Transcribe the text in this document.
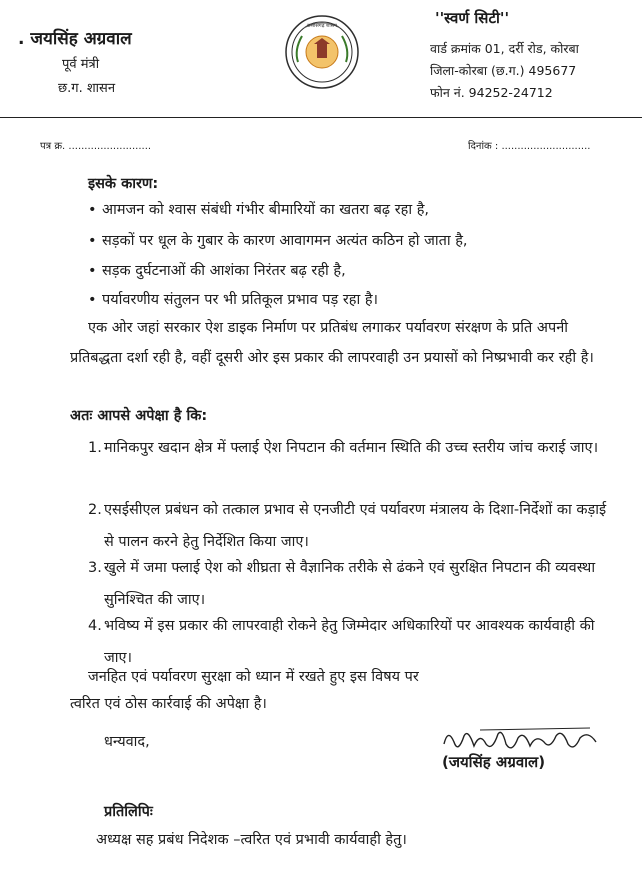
. जयसिंह अग्रवाल
पूर्व मंत्री
छ.ग. शासन
छत्तीसगढ़ शासन	''स्वर्ण सिटी''
वार्ड क्रमांक 01, दर्री रोड, कोरबा
जिला-कोरबा (छ.ग.) 495677
फोन नं. 94252-24712
पत्र क्र. ..........................	दिनांक : ............................
इसके कारण:
• आमजन को श्वास संबंधी गंभीर बीमारियों का खतरा बढ़ रहा है,
• सड़कों पर धूल के गुबार के कारण आवागमन अत्यंत कठिन हो जाता है,
• सड़क दुर्घटनाओं की आशंका निरंतर बढ़ रही है,
• पर्यावरणीय संतुलन पर भी प्रतिकूल प्रभाव पड़ रहा है।
एक ओर जहां सरकार ऐश डाइक निर्माण पर प्रतिबंध लगाकर पर्यावरण संरक्षण के प्रति अपनी प्रतिबद्धता दर्शा रही है, वहीं दूसरी ओर इस प्रकार की लापरवाही उन प्रयासों को निष्प्रभावी कर रही है।
अतः आपसे अपेक्षा है कि:
1. मानिकपुर खदान क्षेत्र में फ्लाई ऐश निपटान की वर्तमान स्थिति की उच्च स्तरीय जांच कराई जाए।
2. एसईसीएल प्रबंधन को तत्काल प्रभाव से एनजीटी एवं पर्यावरण मंत्रालय के दिशा-निर्देशों का कड़ाई से पालन करने हेतु निर्देशित किया जाए।
3. खुले में जमा फ्लाई ऐश को शीघ्रता से वैज्ञानिक तरीके से ढंकने एवं सुरक्षित निपटान की व्यवस्था सुनिश्चित की जाए।
4. भविष्य में इस प्रकार की लापरवाही रोकने हेतु जिम्मेदार अधिकारियों पर आवश्यक कार्यवाही की जाए।
जनहित एवं पर्यावरण सुरक्षा को ध्यान में रखते हुए इस विषय पर
त्वरित एवं ठोस कार्रवाई की अपेक्षा है।
धन्यवाद,
(जयसिंह अग्रवाल)
प्रतिलिपिः
अध्यक्ष सह प्रबंध निदेशक –त्वरित एवं प्रभावी कार्यवाही हेतु।
